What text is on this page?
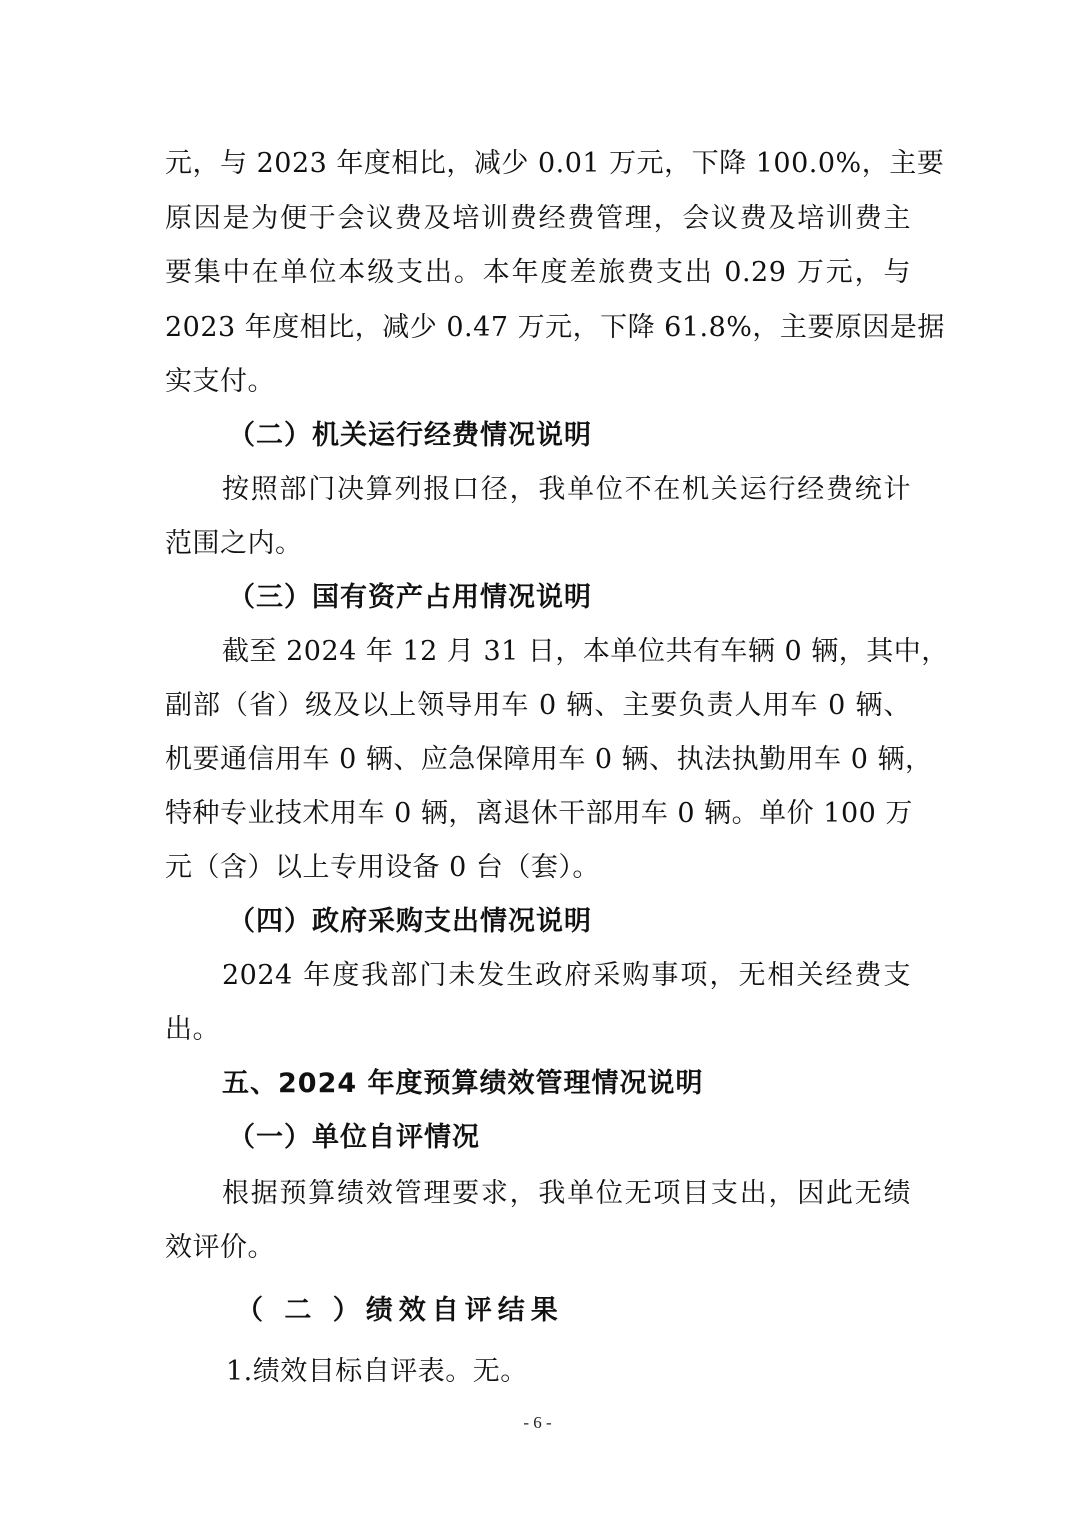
元，与 2023 年度相比，减少 0.01 万元，下降 100.0%，主要
原因是为便于会议费及培训费经费管理，会议费及培训费主
要集中在单位本级支出。本年度差旅费支出 0.29 万元，与
2023 年度相比，减少 0.47 万元，下降 61.8%，主要原因是据
实支付。
（二）机关运行经费情况说明
按照部门决算列报口径，我单位不在机关运行经费统计
范围之内。
（三）国有资产占用情况说明
截至 2024 年 12 月 31 日，本单位共有车辆 0 辆，其中，
副部（省）级及以上领导用车 0 辆、主要负责人用车 0 辆、
机要通信用车 0 辆、应急保障用车 0 辆、执法执勤用车 0 辆，
特种专业技术用车 0 辆，离退休干部用车 0 辆。单价 100 万
元（含）以上专用设备 0 台（套）。
（四）政府采购支出情况说明
2024 年度我部门未发生政府采购事项，无相关经费支
出。
五、2024 年度预算绩效管理情况说明
（一）单位自评情况
根据预算绩效管理要求，我单位无项目支出，因此无绩
效评价。
（ 二 ）绩效自评结果
1.绩效目标自评表。无。
- 6 -
